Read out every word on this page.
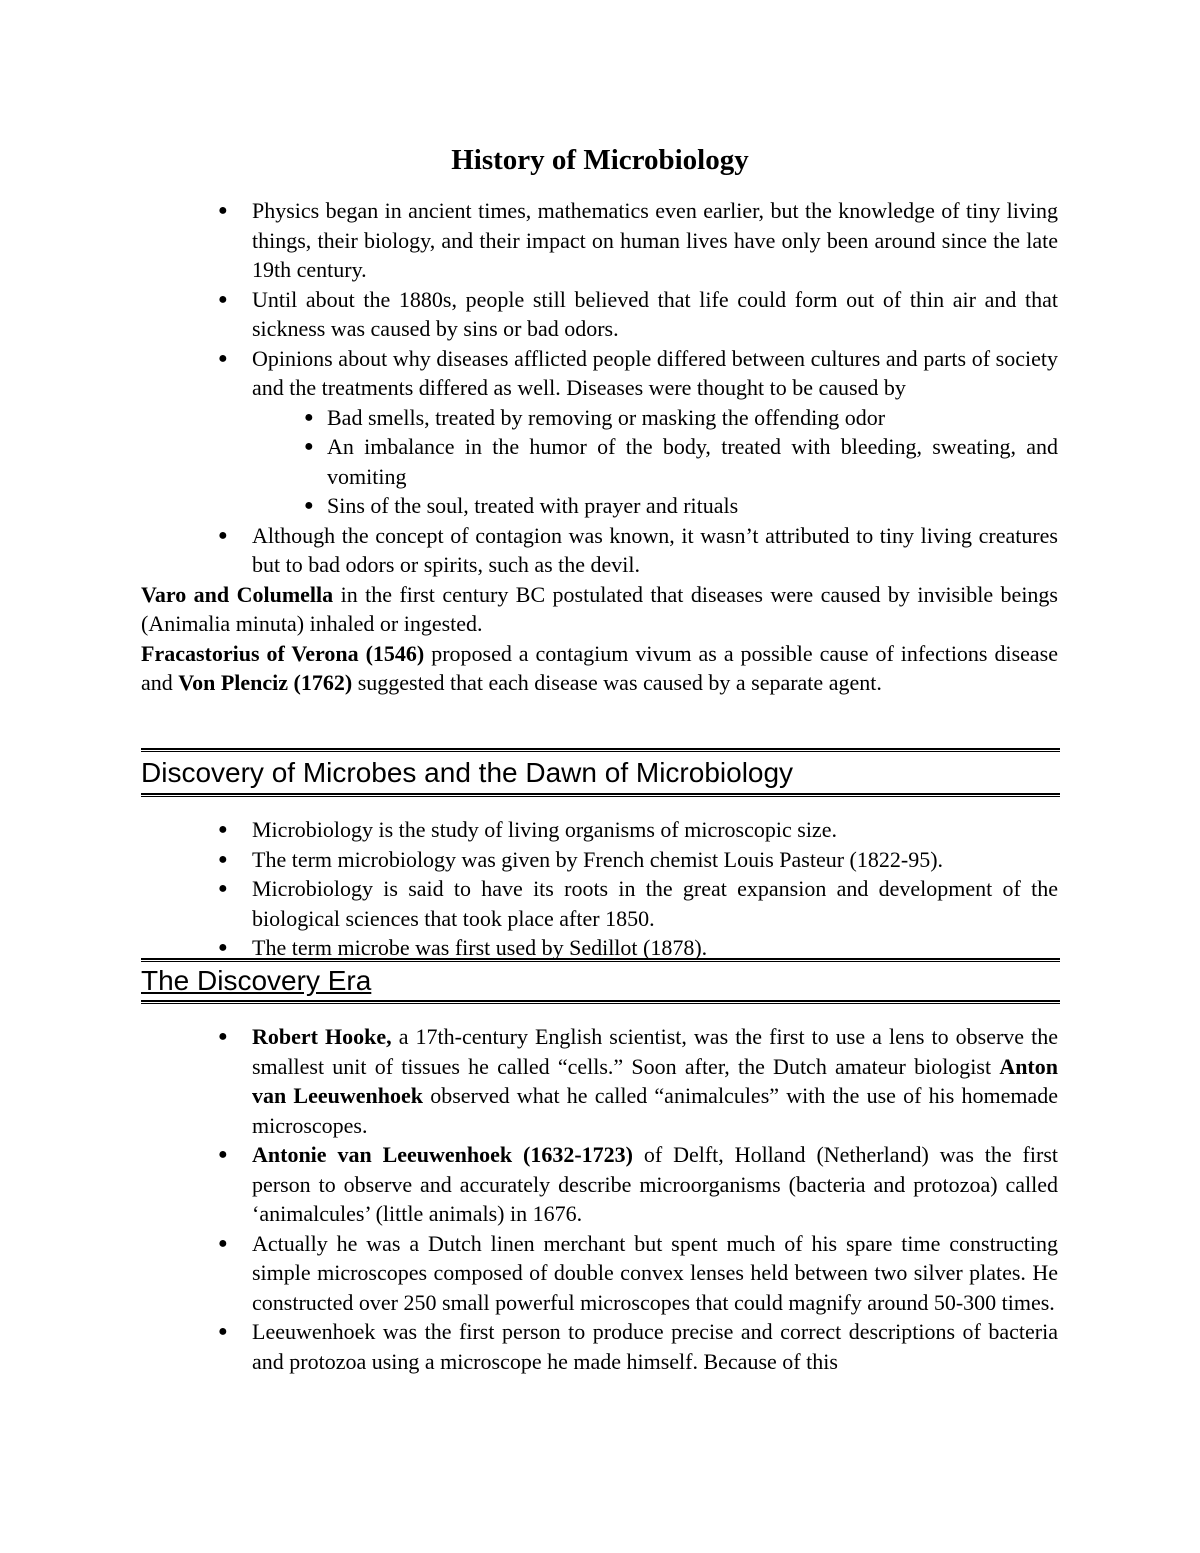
History of Microbiology
● Physics began in ancient times, mathematics even earlier, but the knowledge of tiny living things, their biology, and their impact on human lives have only been around since the late 19th century.
● Until about the 1880s, people still believed that life could form out of thin air and that sickness was caused by sins or bad odors.
● Opinions about why diseases afflicted people differed between cultures and parts of society and the treatments differed as well. Diseases were thought to be caused by
● Bad smells, treated by removing or masking the offending odor
● An imbalance in the humor of the body, treated with bleeding, sweating, and vomiting
● Sins of the soul, treated with prayer and rituals
● Although the concept of contagion was known, it wasn’t attributed to tiny living creatures but to bad odors or spirits, such as the devil.

Varo and Columella in the first century BC postulated that diseases were caused by invisible beings (Animalia minuta) inhaled or ingested.

Fracastorius of Verona (1546) proposed a contagium vivum as a possible cause of infections disease and Von Plenciz (1762) suggested that each disease was caused by a separate agent.

Discovery of Microbes and the Dawn of Microbiology
● Microbiology is the study of living organisms of microscopic size.
● The term microbiology was given by French chemist Louis Pasteur (1822-95).
● Microbiology is said to have its roots in the great expansion and development of the biological sciences that took place after 1850.
● The term microbe was first used by Sedillot (1878).
The Discovery Era
● Robert Hooke, a 17th-century English scientist, was the first to use a lens to observe the smallest unit of tissues he called “cells.” Soon after, the Dutch amateur biologist Anton van Leeuwenhoek observed what he called “animalcules” with the use of his homemade microscopes.
● Antonie van Leeuwenhoek (1632-1723) of Delft, Holland (Netherland) was the first person to observe and accurately describe microorganisms (bacteria and protozoa) called ‘animalcules’ (little animals) in 1676.
● Actually he was a Dutch linen merchant but spent much of his spare time constructing simple microscopes composed of double convex lenses held between two silver plates. He constructed over 250 small powerful microscopes that could magnify around 50-300 times.
● Leeuwenhoek was the first person to produce precise and correct descriptions of bacteria and protozoa using a microscope he made himself. Because of this
